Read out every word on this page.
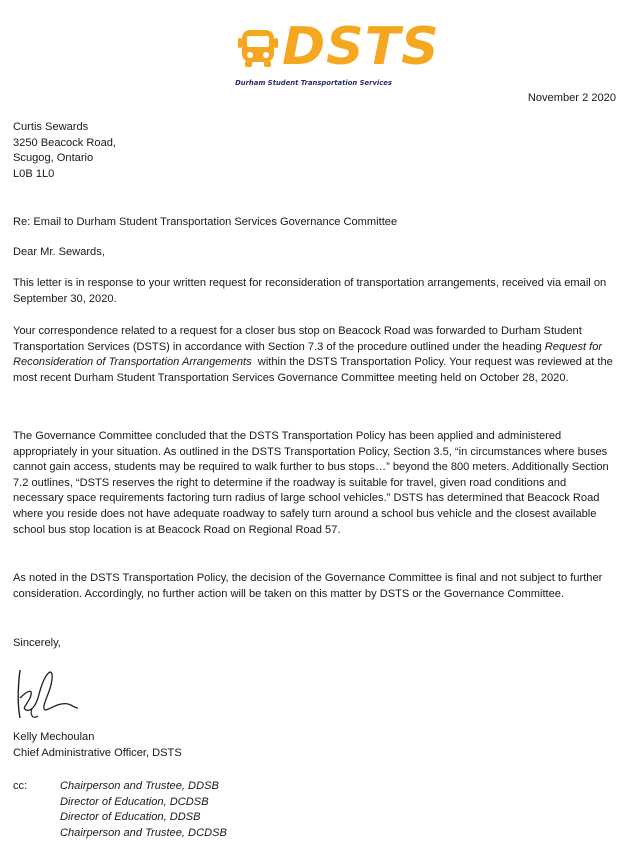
DSTS
Durham Student Transportation Services
November 2 2020
Curtis Sewards
3250 Beacock Road,
Scugog, Ontario
L0B 1L0

Re: Email to Durham Student Transportation Services Governance Committee

Dear Mr. Sewards,

This letter is in response to your written request for reconsideration of transportation arrangements, received via email on September 30, 2020.

Your correspondence related to a request for a closer bus stop on Beacock Road was forwarded to Durham Student Transportation Services (DSTS) in accordance with Section 7.3 of the procedure outlined under the heading Request for Reconsideration of Transportation Arrangements  within the DSTS Transportation Policy. Your request was reviewed at the most recent Durham Student Transportation Services Governance Committee meeting held on October 28, 2020.

The Governance Committee concluded that the DSTS Transportation Policy has been applied and administered appropriately in your situation. As outlined in the DSTS Transportation Policy, Section 3.5, “in circumstances where buses cannot gain access, students may be required to walk further to bus stops…” beyond the 800 meters. Additionally Section 7.2 outlines, “DSTS reserves the right to determine if the roadway is suitable for travel, given road conditions and necessary space requirements factoring turn radius of large school vehicles.” DSTS has determined that Beacock Road where you reside does not have adequate roadway to safely turn around a school bus vehicle and the closest available school bus stop location is at Beacock Road on Regional Road 57.

As noted in the DSTS Transportation Policy, the decision of the Governance Committee is final and not subject to further consideration. Accordingly, no further action will be taken on this matter by DSTS or the Governance Committee.

Sincerely,

Kelly Mechoulan
Chief Administrative Officer, DSTS
cc:	Chairperson and Trustee, DDSB
Director of Education, DCDSB
Director of Education, DDSB
Chairperson and Trustee, DCDSB
